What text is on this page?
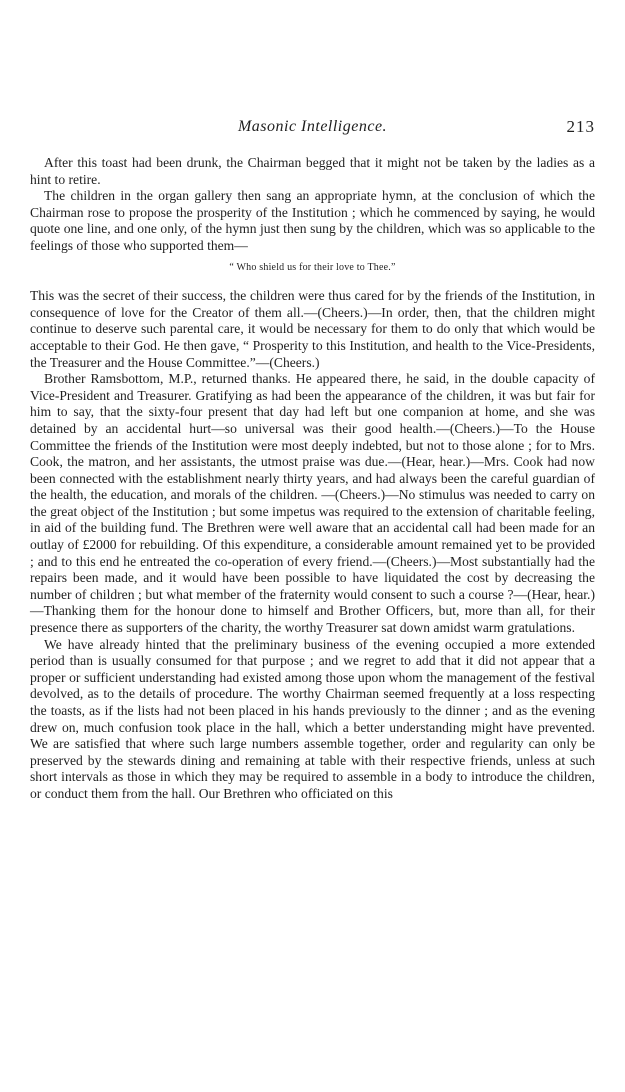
Masonic Intelligence.	213

After this toast had been drunk, the Chairman begged that it might not be taken by the ladies as a hint to retire.

The children in the organ gallery then sang an appropriate hymn, at the conclusion of which the Chairman rose to propose the prosperity of the Institution ; which he commenced by saying, he would quote one line, and one only, of the hymn just then sung by the children, which was so applicable to the feelings of those who supported them—

“ Who shield us for their love to Thee.”

This was the secret of their success, the children were thus cared for by the friends of the Institution, in consequence of love for the Creator of them all.—(Cheers.)—In order, then, that the children might continue to deserve such parental care, it would be necessary for them to do only that which would be acceptable to their God. He then gave, “ Prosperity to this Institution, and health to the Vice-Presidents, the Treasurer and the House Committee.”—(Cheers.)

Brother Ramsbottom, M.P., returned thanks. He appeared there, he said, in the double capacity of Vice-President and Treasurer. Gratifying as had been the appearance of the children, it was but fair for him to say, that the sixty-four present that day had left but one companion at home, and she was detained by an accidental hurt—so universal was their good health.—(Cheers.)—To the House Committee the friends of the Institution were most deeply indebted, but not to those alone ; for to Mrs. Cook, the matron, and her assistants, the utmost praise was due.—(Hear, hear.)—Mrs. Cook had now been connected with the establishment nearly thirty years, and had always been the careful guardian of the health, the education, and morals of the children. —(Cheers.)—No stimulus was needed to carry on the great object of the Institution ; but some impetus was required to the extension of charitable feeling, in aid of the building fund. The Brethren were well aware that an accidental call had been made for an outlay of £2000 for rebuilding. Of this expenditure, a considerable amount remained yet to be provided ; and to this end he entreated the co-operation of every friend.—(Cheers.)—Most substantially had the repairs been made, and it would have been possible to have liquidated the cost by decreasing the number of children ; but what member of the fraternity would consent to such a course ?—(Hear, hear.)—Thanking them for the honour done to himself and Brother Officers, but, more than all, for their presence there as supporters of the charity, the worthy Treasurer sat down amidst warm gratulations.

We have already hinted that the preliminary business of the evening occupied a more extended period than is usually consumed for that purpose ; and we regret to add that it did not appear that a proper or sufficient understanding had existed among those upon whom the management of the festival devolved, as to the details of procedure. The worthy Chairman seemed frequently at a loss respecting the toasts, as if the lists had not been placed in his hands previously to the dinner ; and as the evening drew on, much confusion took place in the hall, which a better understanding might have prevented. We are satisfied that where such large numbers assemble together, order and regularity can only be preserved by the stewards dining and remaining at table with their respective friends, unless at such short intervals as those in which they may be required to assemble in a body to introduce the children, or conduct them from the hall. Our Brethren who officiated on this
